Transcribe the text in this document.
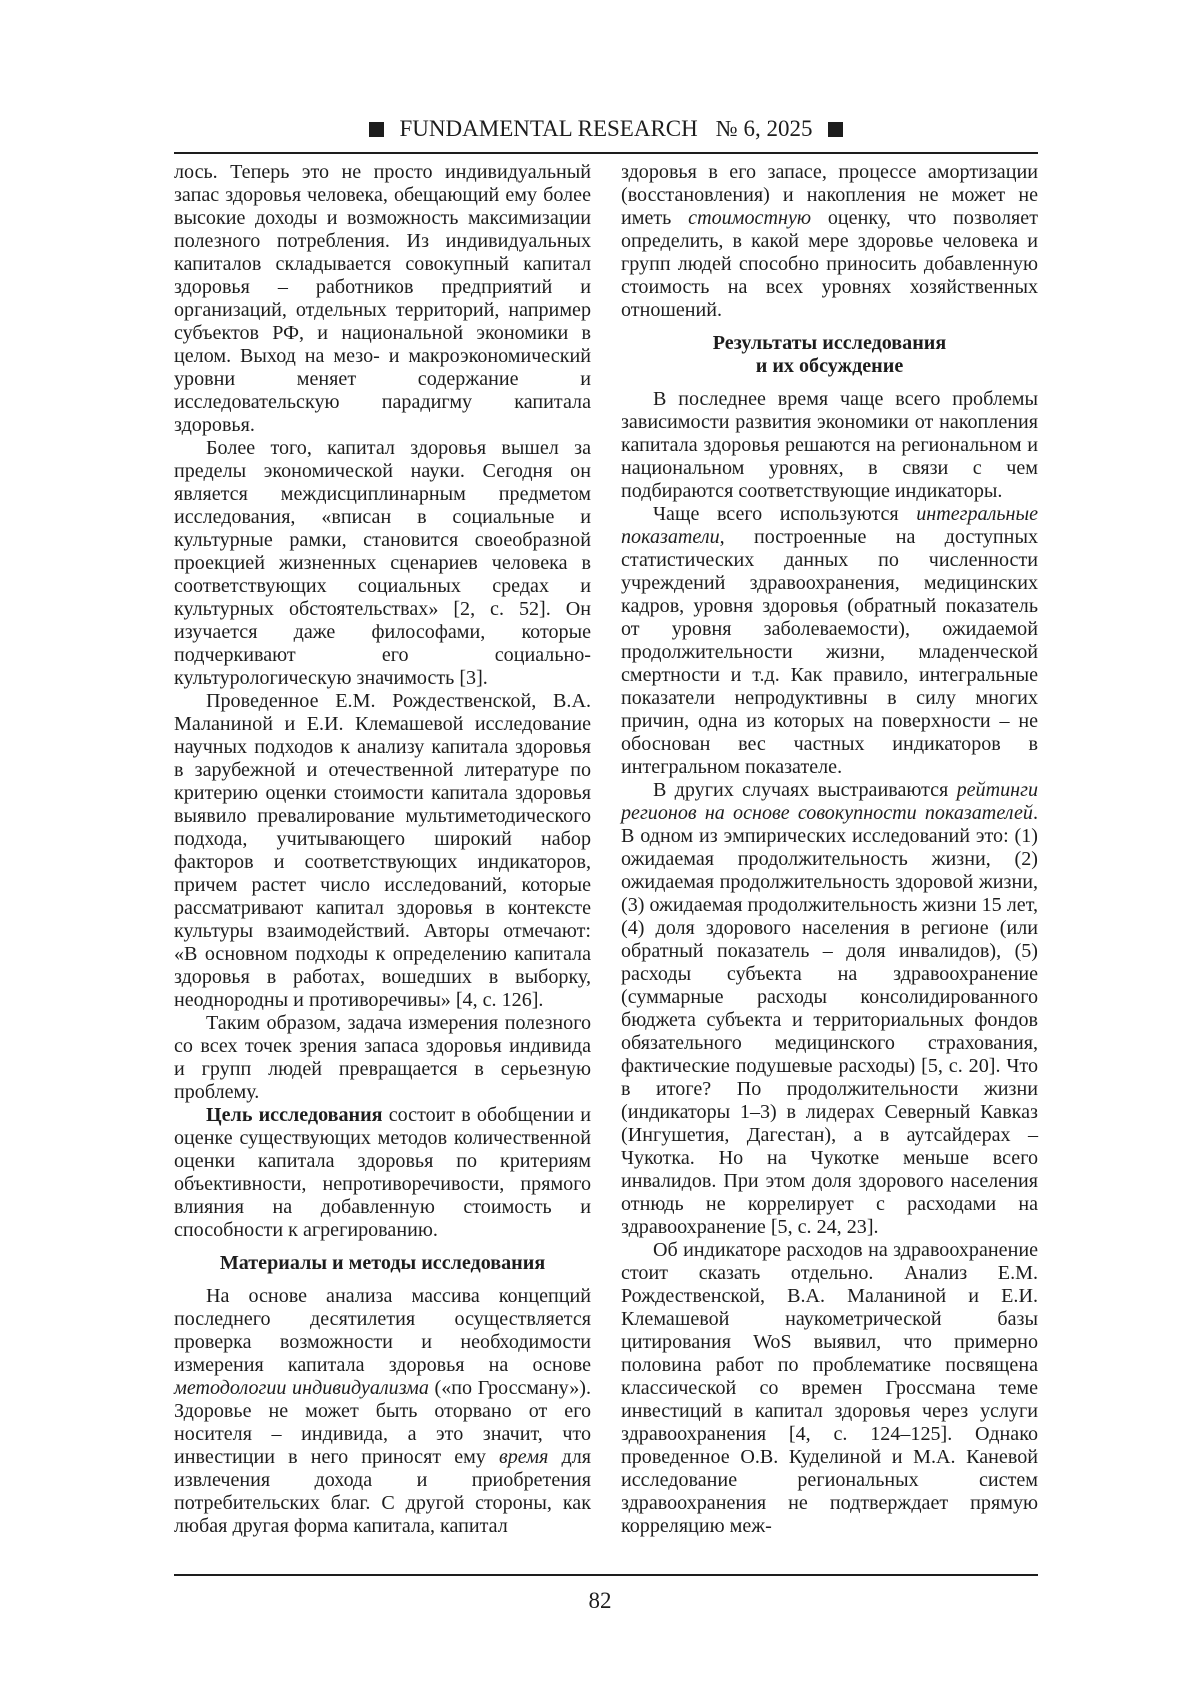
FUNDAMENTAL RESEARCH № 6, 2025

лось. Теперь это не просто индивидуальный запас здоровья человека, обещающий ему более высокие доходы и возможность максимизации полезного потребления. Из индивидуальных капиталов складывается совокупный капитал здоровья – работников предприятий и организаций, отдельных территорий, например субъектов РФ, и национальной экономики в целом. Выход на мезо- и макроэкономический уровни меняет содержание и исследовательскую парадигму капитала здоровья.

Более того, капитал здоровья вышел за пределы экономической науки. Сегодня он является междисциплинарным предметом исследования, «вписан в социальные и культурные рамки, становится своеобразной проекцией жизненных сценариев человека в соответствующих социальных средах и культурных обстоятельствах» [2, с. 52]. Он изучается даже философами, которые подчеркивают его социально-культурологическую значимость [3].

Проведенное Е.М. Рождественской, В.А. Маланиной и Е.И. Клемашевой исследование научных подходов к анализу капитала здоровья в зарубежной и отечественной литературе по критерию оценки стоимости капитала здоровья выявило превалирование мультиметодического подхода, учитывающего широкий набор факторов и соответствующих индикаторов, причем растет число исследований, которые рассматривают капитал здоровья в контексте культуры взаимодействий. Авторы отмечают: «В основном подходы к определению капитала здоровья в работах, вошедших в выборку, неоднородны и противоречивы» [4, с. 126].

Таким образом, задача измерения полезного со всех точек зрения запаса здоровья индивида и групп людей превращается в серьезную проблему.

Цель исследования состоит в обобщении и оценке существующих методов количественной оценки капитала здоровья по критериям объективности, непротиворечивости, прямого влияния на добавленную стоимость и способности к агрегированию.

Материалы и методы исследования

На основе анализа массива концепций последнего десятилетия осуществляется проверка возможности и необходимости измерения капитала здоровья на основе методологии индивидуализма («по Гроссману»). Здоровье не может быть оторвано от его носителя – индивида, а это значит, что инвестиции в него приносят ему время для извлечения дохода и приобретения потребительских благ. С другой стороны, как любая другая форма капитала, капитал

здоровья в его запасе, процессе амортизации (восстановления) и накопления не может не иметь стоимостную оценку, что позволяет определить, в какой мере здоровье человека и групп людей способно приносить добавленную стоимость на всех уровнях хозяйственных отношений.

Результаты исследования
и их обсуждение

В последнее время чаще всего проблемы зависимости развития экономики от накопления капитала здоровья решаются на региональном и национальном уровнях, в связи с чем подбираются соответствующие индикаторы.

Чаще всего используются интегральные показатели, построенные на доступных статистических данных по численности учреждений здравоохранения, медицинских кадров, уровня здоровья (обратный показатель от уровня заболеваемости), ожидаемой продолжительности жизни, младенческой смертности и т.д. Как правило, интегральные показатели непродуктивны в силу многих причин, одна из которых на поверхности – не обоснован вес частных индикаторов в интегральном показателе.

В других случаях выстраиваются рейтинги регионов на основе совокупности показателей. В одном из эмпирических исследований это: (1) ожидаемая продолжительность жизни, (2) ожидаемая продолжительность здоровой жизни, (3) ожидаемая продолжительность жизни 15 лет, (4) доля здорового населения в регионе (или обратный показатель – доля инвалидов), (5) расходы субъекта на здравоохранение (суммарные расходы консолидированного бюджета субъекта и территориальных фондов обязательного медицинского страхования, фактические подушевые расходы) [5, с. 20]. Что в итоге? По продолжительности жизни (индикаторы 1–3) в лидерах Северный Кавказ (Ингушетия, Дагестан), а в аутсайдерах – Чукотка. Но на Чукотке меньше всего инвалидов. При этом доля здорового населения отнюдь не коррелирует с расходами на здравоохранение [5, с. 24, 23].

Об индикаторе расходов на здравоохранение стоит сказать отдельно. Анализ Е.М. Рождественской, В.А. Маланиной и Е.И. Клемашевой наукометрической базы цитирования WoS выявил, что примерно половина работ по проблематике посвящена классической со времен Гроссмана теме инвестиций в капитал здоровья через услуги здравоохранения [4, с. 124–125]. Однако проведенное О.В. Куделиной и М.А. Каневой исследование региональных систем здравоохранения не подтверждает прямую корреляцию меж-

82
